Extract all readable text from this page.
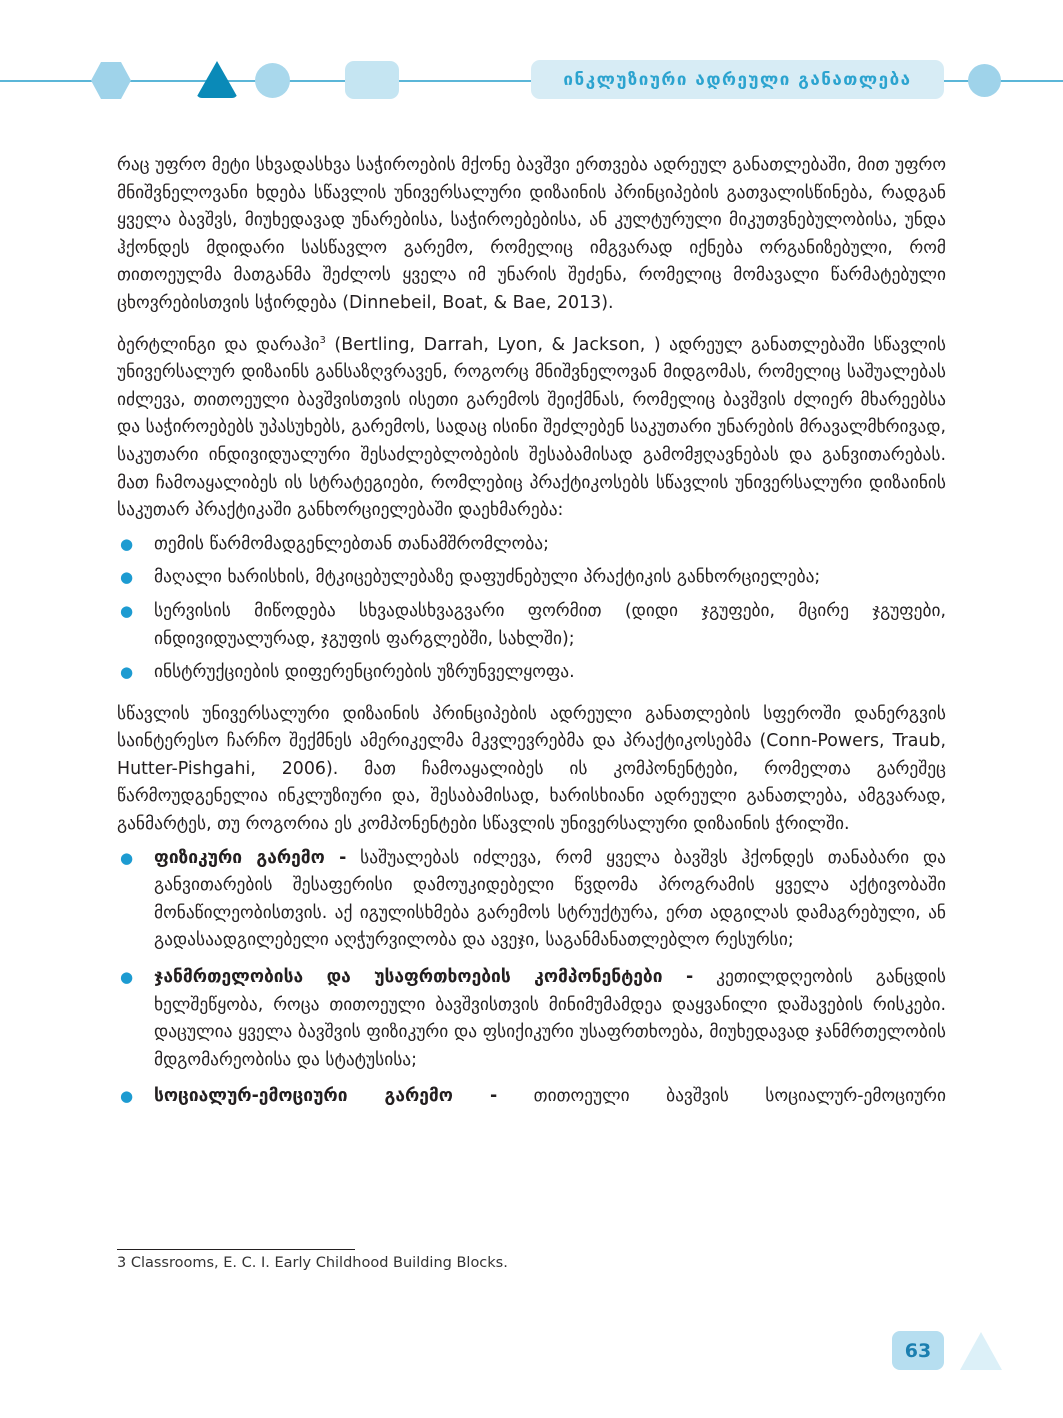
ინკლუზიური ადრეული განათლება

რაც უფრო მეტი სხვადასხვა საჭიროების მქონე ბავშვი ერთვება ადრეულ განათლებაში, მით უფრო მნიშვნელოვანი ხდება სწავლის უნივერსალური დიზაინის პრინციპების გათვალისწინება, რადგან ყველა ბავშვს, მიუხედავად უნარებისა, საჭიროებებისა, ან კულტურული მიკუთვნებულობისა, უნდა ჰქონდეს მდიდარი სასწავლო გარემო, რომელიც იმგვარად იქნება ორგანიზებული, რომ თითოეულმა მათგანმა შეძლოს ყველა იმ უნარის შეძენა, რომელიც მომავალი წარმატებული ცხოვრებისთვის სჭირდება (Dinnebeil, Boat, & Bae, 2013).

ბერტლინგი და დარაჰი$^3$ (Bertling, Darrah, Lyon, & Jackson, ) ადრეულ განათლებაში სწავლის უნივერსალურ დიზაინს განსაზღვრავენ, როგორც მნიშვნელოვან მიდგომას, რომელიც საშუალებას იძლევა, თითოეული ბავშვისთვის ისეთი გარემოს შეიქმნას, რომელიც ბავშვის ძლიერ მხარეებსა და საჭიროებებს უპასუხებს, გარემოს, სადაც ისინი შეძლებენ საკუთარი უნარების მრავალმხრივად, საკუთარი ინდივიდუალური შესაძლებლობების შესაბამისად გამომჟღავნებას და განვითარებას. მათ ჩამოაყალიბეს ის სტრატეგიები, რომლებიც პრაქტიკოსებს სწავლის უნივერსალური დიზაინის საკუთარ პრაქტიკაში განხორციელებაში დაეხმარება:

● თემის წარმომადგენლებთან თანამშრომლობა;
● მაღალი ხარისხის, მტკიცებულებაზე დაფუძნებული პრაქტიკის განხორციელება;
● სერვისის მიწოდება სხვადასხვაგვარი ფორმით (დიდი ჯგუფები, მცირე ჯგუფები, ინდივიდუალურად, ჯგუფის ფარგლებში, სახლში);
● ინსტრუქციების დიფერენცირების უზრუნველყოფა.

სწავლის უნივერსალური დიზაინის პრინციპების ადრეული განათლების სფეროში დანერგვის საინტერესო ჩარჩო შექმნეს ამერიკელმა მკვლევრებმა და პრაქტიკოსებმა (Conn-Powers, Traub, Hutter-Pishgahi, 2006). მათ ჩამოაყალიბეს ის კომპონენტები, რომელთა გარეშეც წარმოუდგენელია ინკლუზიური და, შესაბამისად, ხარისხიანი ადრეული განათლება, ამგვარად, განმარტეს, თუ როგორია ეს კომპონენტები სწავლის უნივერსალური დიზაინის ჭრილში.

● ფიზიკური გარემო - საშუალებას იძლევა, რომ ყველა ბავშვს ჰქონდეს თანაბარი და განვითარების შესაფერისი დამოუკიდებელი წვდომა პროგრამის ყველა აქტივობაში მონაწილეობისთვის. აქ იგულისხმება გარემოს სტრუქტურა, ერთ ადგილას დამაგრებული, ან გადასაადგილებელი აღჭურვილობა და ავეჯი, საგანმანათლებლო რესურსი;
● ჯანმრთელობისა და უსაფრთხოების კომპონენტები - კეთილდღეობის განცდის ხელშეწყობა, როცა თითოეული ბავშვისთვის მინიმუმამდეა დაყვანილი დაშავების რისკები. დაცულია ყველა ბავშვის ფიზიკური და ფსიქიკური უსაფრთხოება, მიუხედავად ჯანმრთელობის მდგომარეობისა და სტატუსისა;
● სოციალურ-ემოციური გარემო - თითოეული ბავშვის სოციალურ-ემოციური
3 Classrooms, E. C. I. Early Childhood Building Blocks.
63
